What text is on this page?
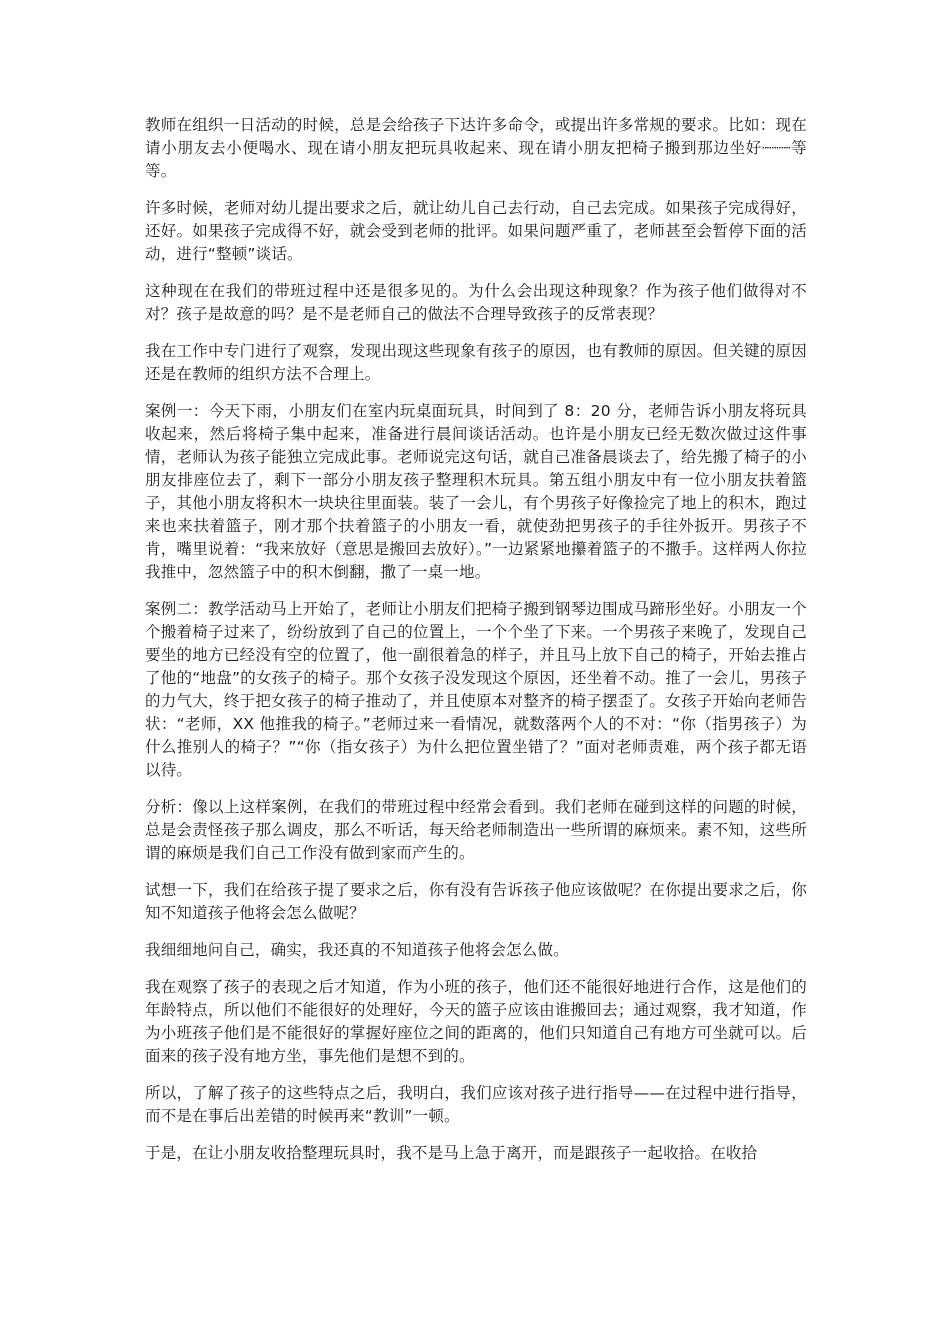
教师在组织一日活动的时候，总是会给孩子下达许多命令，或提出许多常规的要求。比如：现在请小朋友去小便喝水、现在请小朋友把玩具收起来、现在请小朋友把椅子搬到那边坐好┈┈┈等等。

许多时候，老师对幼儿提出要求之后，就让幼儿自己去行动，自己去完成。如果孩子完成得好，还好。如果孩子完成得不好，就会受到老师的批评。如果问题严重了，老师甚至会暂停下面的活动，进行“整顿”谈话。

这种现在在我们的带班过程中还是很多见的。为什么会出现这种现象？作为孩子他们做得对不对？孩子是故意的吗？是不是老师自己的做法不合理导致孩子的反常表现？

我在工作中专门进行了观察，发现出现这些现象有孩子的原因，也有教师的原因。但关键的原因还是在教师的组织方法不合理上。

案例一：今天下雨，小朋友们在室内玩桌面玩具，时间到了 8：20 分，老师告诉小朋友将玩具收起来，然后将椅子集中起来，准备进行晨间谈话活动。也许是小朋友已经无数次做过这件事情，老师认为孩子能独立完成此事。老师说完这句话，就自己准备晨谈去了，给先搬了椅子的小朋友排座位去了，剩下一部分小朋友孩子整理积木玩具。第五组小朋友中有一位小朋友扶着篮子，其他小朋友将积木一块块往里面装。装了一会儿，有个男孩子好像捡完了地上的积木，跑过来也来扶着篮子，刚才那个扶着篮子的小朋友一看，就使劲把男孩子的手往外扳开。男孩子不肯，嘴里说着：“我来放好（意思是搬回去放好）。”一边紧紧地攥着篮子的不撒手。这样两人你拉我推中，忽然篮子中的积木倒翻，撒了一桌一地。

案例二：教学活动马上开始了，老师让小朋友们把椅子搬到钢琴边围成马蹄形坐好。小朋友一个个搬着椅子过来了，纷纷放到了自己的位置上，一个个坐了下来。一个男孩子来晚了，发现自己要坐的地方已经没有空的位置了，他一副很着急的样子，并且马上放下自己的椅子，开始去推占了他的“地盘”的女孩子的椅子。那个女孩子没发现这个原因，还坐着不动。推了一会儿，男孩子的力气大，终于把女孩子的椅子推动了，并且使原本对整齐的椅子摆歪了。女孩子开始向老师告状：“老师，XX 他推我的椅子。”老师过来一看情况，就数落两个人的不对：“你（指男孩子）为什么推别人的椅子？”“你（指女孩子）为什么把位置坐错了？”面对老师责难，两个孩子都无语以待。

分析：像以上这样案例，在我们的带班过程中经常会看到。我们老师在碰到这样的问题的时候，总是会责怪孩子那么调皮，那么不听话，每天给老师制造出一些所谓的麻烦来。素不知，这些所谓的麻烦是我们自己工作没有做到家而产生的。

试想一下，我们在给孩子提了要求之后，你有没有告诉孩子他应该做呢？在你提出要求之后，你知不知道孩子他将会怎么做呢？

我细细地问自己，确实，我还真的不知道孩子他将会怎么做。

我在观察了孩子的表现之后才知道，作为小班的孩子，他们还不能很好地进行合作，这是他们的年龄特点，所以他们不能很好的处理好，今天的篮子应该由谁搬回去；通过观察，我才知道，作为小班孩子他们是不能很好的掌握好座位之间的距离的，他们只知道自己有地方可坐就可以。后面来的孩子没有地方坐，事先他们是想不到的。

所以，了解了孩子的这些特点之后，我明白，我们应该对孩子进行指导——在过程中进行指导，而不是在事后出差错的时候再来“教训”一顿。

于是，在让小朋友收拾整理玩具时，我不是马上急于离开，而是跟孩子一起收拾。在收拾
